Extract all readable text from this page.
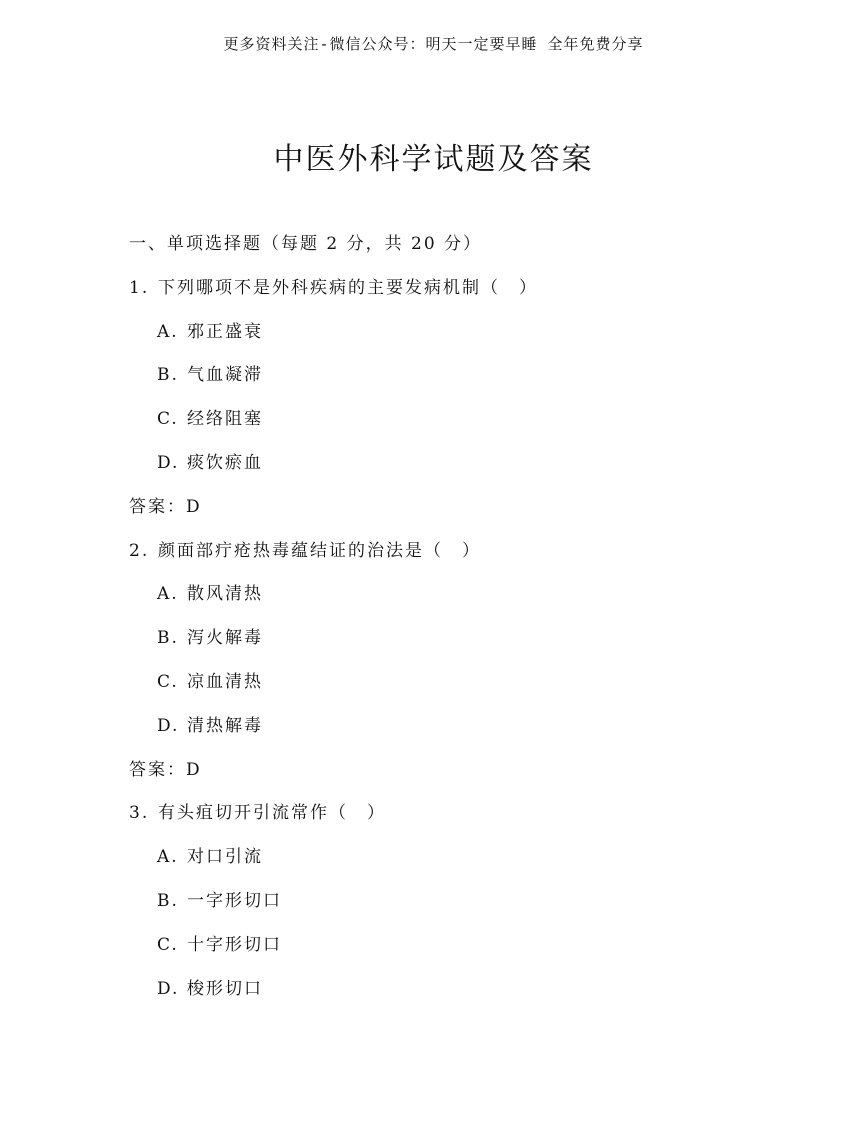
更多资料关注-微信公众号：明天一定要早睡 全年免费分享
中医外科学试题及答案
一、单项选择题（每题 2 分，共 20 分）
1. 下列哪项不是外科疾病的主要发病机制（　）
A. 邪正盛衰
B. 气血凝滞
C. 经络阻塞
D. 痰饮瘀血
答案：D
2. 颜面部疔疮热毒蕴结证的治法是（　）
A. 散风清热
B. 泻火解毒
C. 凉血清热
D. 清热解毒
答案：D
3. 有头疽切开引流常作（　）
A. 对口引流
B. 一字形切口
C. 十字形切口
D. 梭形切口
